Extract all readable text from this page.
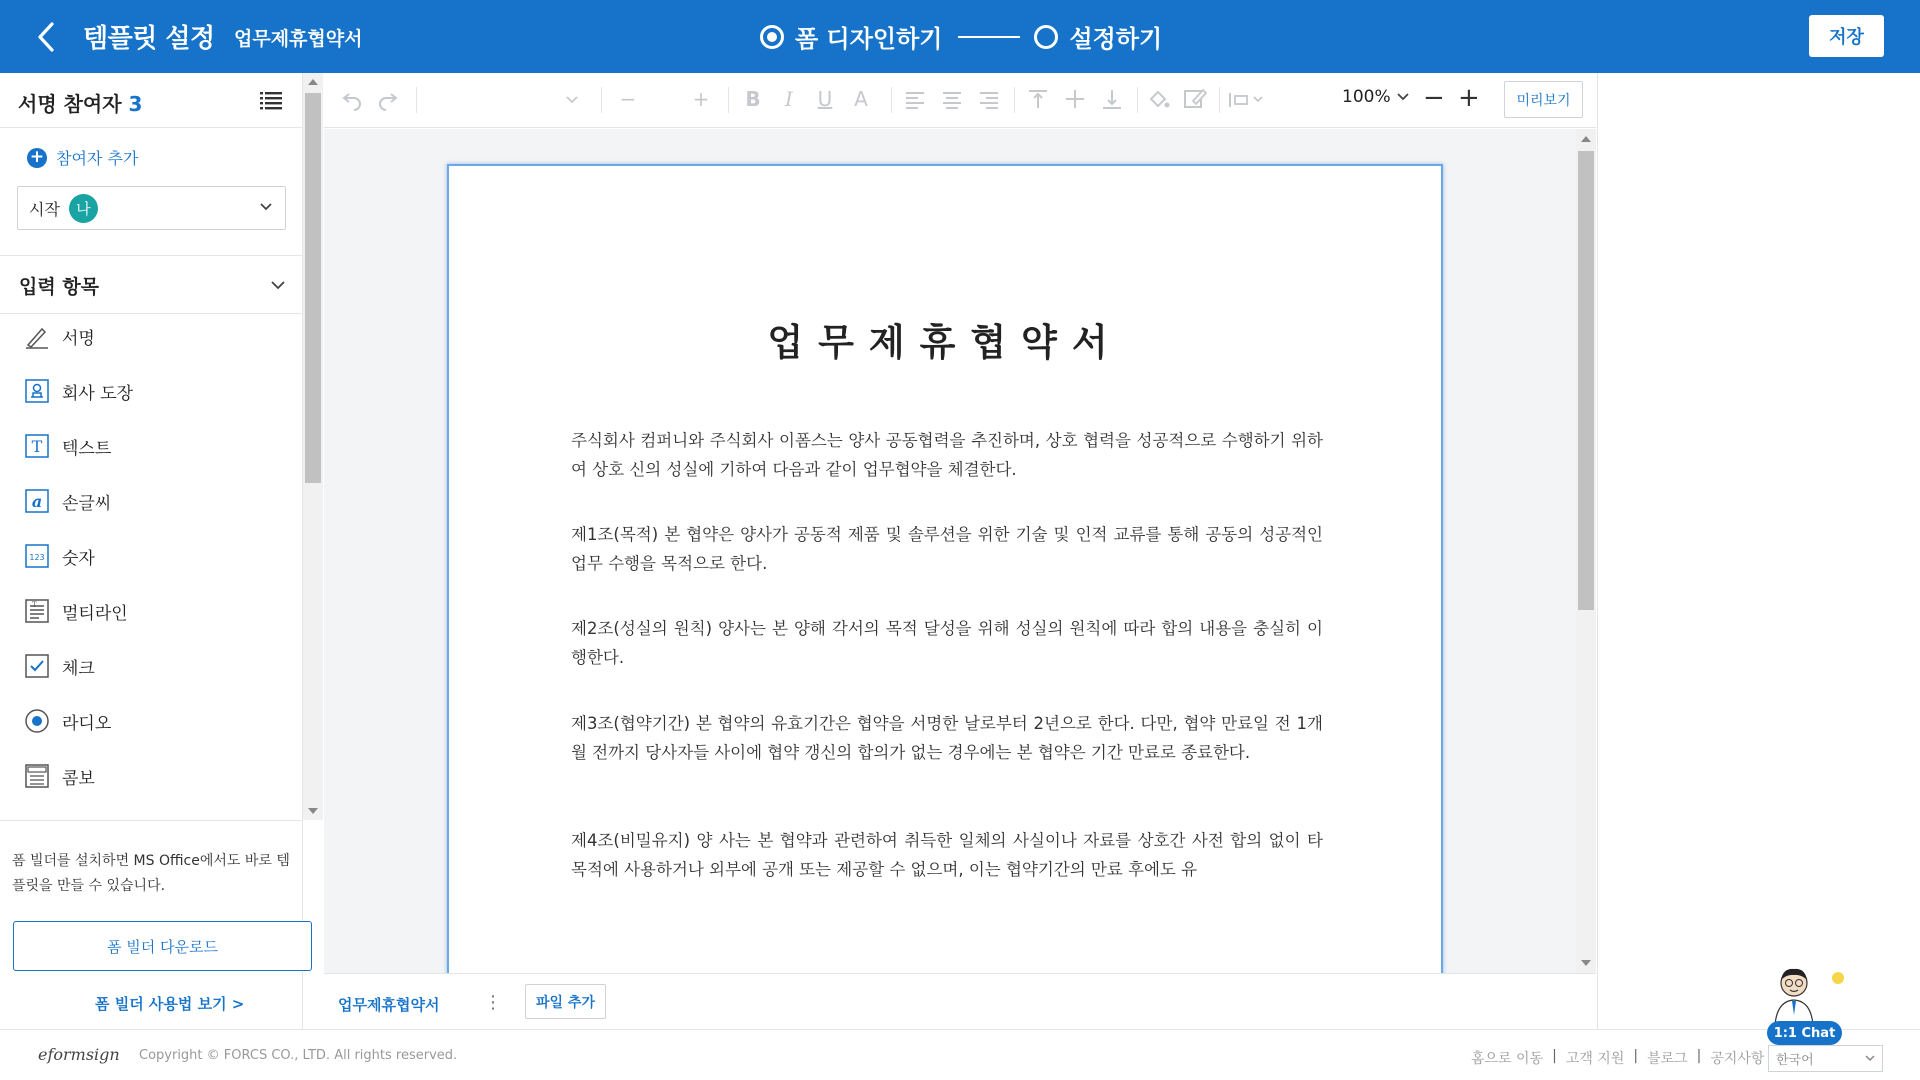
템플릿 설정 업무제휴협약서	폼 디자인하기	설정하기	저장
서명 참여자 3
+ 참여자 추가
시작	나
입력 항목
서명
회사 도장
T 텍스트
a 손글씨
123 숫자
T 멀티라인
체크
라디오
콤보
폼 빌더를 설치하면 MS Office에서도 바로 템플릿을 만들 수 있습니다.
폼 빌더 다운로드
폼 빌더 사용법 보기 >
−	+ B	I	U A	100% − +	미리보기
업무제휴협약서
주식회사 컴퍼니와 주식회사 이폼스는 양사 공동협력을 추진하며, 상호 협력을 성공적으로 수행하기 위하여 상호 신의 성실에 기하여 다음과 같이 업무협약을 체결한다.
제1조(목적) 본 협약은 양사가 공동적 제품 및 솔루션을 위한 기술 및 인적 교류를 통해 공동의 성공적인 업무 수행을 목적으로 한다.
제2조(성실의 원칙) 양사는 본 양해 각서의 목적 달성을 위해 성실의 원칙에 따라 합의 내용을 충실히 이행한다.
제3조(협약기간) 본 협약의 유효기간은 협약을 서명한 날로부터 2년으로 한다. 다만, 협약 만료일 전 1개월 전까지 당사자들 사이에 협약 갱신의 합의가 없는 경우에는 본 협약은 기간 만료로 종료한다.
제4조(비밀유지) 양 사는 본 협약과 관련하여 취득한 일체의 사실이나 자료를 상호간 사전 합의 없이 타 목적에 사용하거나 외부에 공개 또는 제공할 수 없으며, 이는 협약기간의 만료 후에도 유
업무제휴협약서 ⋮	파일 추가
eformsign Copyright © FORCS CO., LTD. All rights reserved.	홈으로 이동 | 고객 지원 | 블로그 | 공지사항 한국어
1:1 Chat
